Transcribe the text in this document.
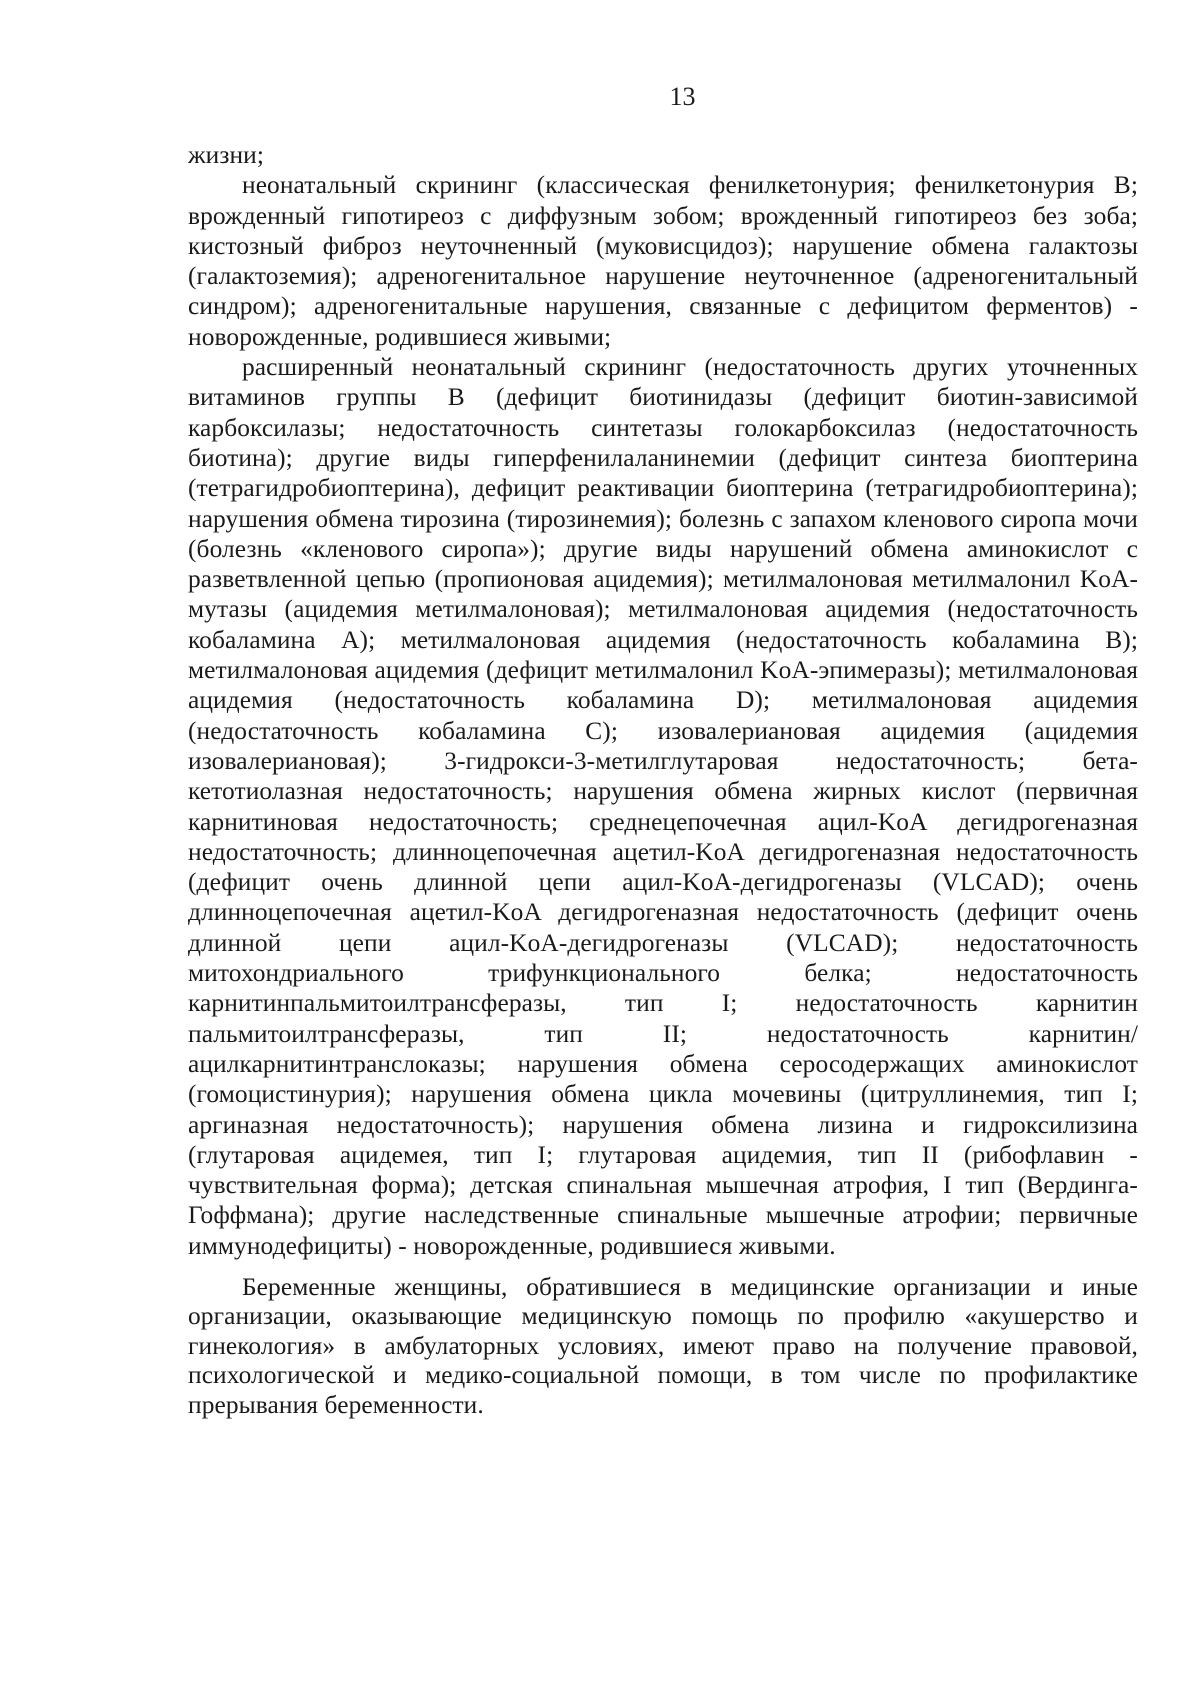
13

жизни;

неонатальный скрининг (классическая фенилкетонурия; фенилкетонурия B; врожденный гипотиреоз с диффузным зобом; врожденный гипотиреоз без зоба; кистозный фиброз неуточненный (муковисцидоз); нарушение обмена галактозы (галактоземия); адреногенитальное нарушение неуточненное (адреногенитальный синдром); адреногенитальные нарушения, связанные с дефицитом ферментов) - новорожденные, родившиеся живыми;

расширенный неонатальный скрининг (недостаточность других уточненных витаминов группы B (дефицит биотинидазы (дефицит биотин-зависимой карбоксилазы; недостаточность синтетазы голокарбоксилаз (недостаточность биотина); другие виды гиперфенилаланинемии (дефицит синтеза биоптерина (тетрагидробиоптерина), дефицит реактивации биоптерина (тетрагидробиоптерина); нарушения обмена тирозина (тирозинемия); болезнь с запахом кленового сиропа мочи (болезнь «кленового сиропа»); другие виды нарушений обмена аминокислот с разветвленной цепью (пропионовая ацидемия); метилмалоновая метилмалонил KoA-мутазы (ацидемия метилмалоновая); метилмалоновая ацидемия (недостаточность кобаламина A); метилмалоновая ацидемия (недостаточность кобаламина B); метилмалоновая ацидемия (дефицит метилмалонил KoA-эпимеразы); метилмалоновая ацидемия (недостаточность кобаламина D); метилмалоновая ацидемия (недостаточность кобаламина C); изовалериановая ацидемия (ацидемия изовалериановая); 3-гидрокси-3-метилглутаровая недостаточность; бета-кетотиолазная недостаточность; нарушения обмена жирных кислот (первичная карнитиновая недостаточность; среднецепочечная ацил-KoA дегидрогеназная недостаточность; длинноцепочечная ацетил-KoA дегидрогеназная недостаточность (дефицит очень длинной цепи ацил-KoA-дегидрогеназы (VLCAD); очень длинноцепочечная ацетил-KoA дегидрогеназная недостаточность (дефицит очень длинной цепи ацил-KoA-дегидрогеназы (VLCAD); недостаточность митохондриального трифункционального белка; недостаточность карнитинпальмитоилтрансферазы, тип I; недостаточность карнитин пальмитоилтрансферазы, тип II; недостаточность карнитин/ацилкарнитинтранслоказы; нарушения обмена серосодержащих аминокислот (гомоцистинурия); нарушения обмена цикла мочевины (цитруллинемия, тип I; аргиназная недостаточность); нарушения обмена лизина и гидроксилизина (глутаровая ацидемея, тип I; глутаровая ацидемия, тип II (рибофлавин - чувствительная форма); детская спинальная мышечная атрофия, I тип (Вердинга-Гоффмана); другие наследственные спинальные мышечные атрофии; первичные иммунодефициты) - новорожденные, родившиеся живыми.

Беременные женщины, обратившиеся в медицинские организации и иные организации, оказывающие медицинскую помощь по профилю «акушерство и гинекология» в амбулаторных условиях, имеют право на получение правовой, психологической и медико-социальной помощи, в том числе по профилактике прерывания беременности.
